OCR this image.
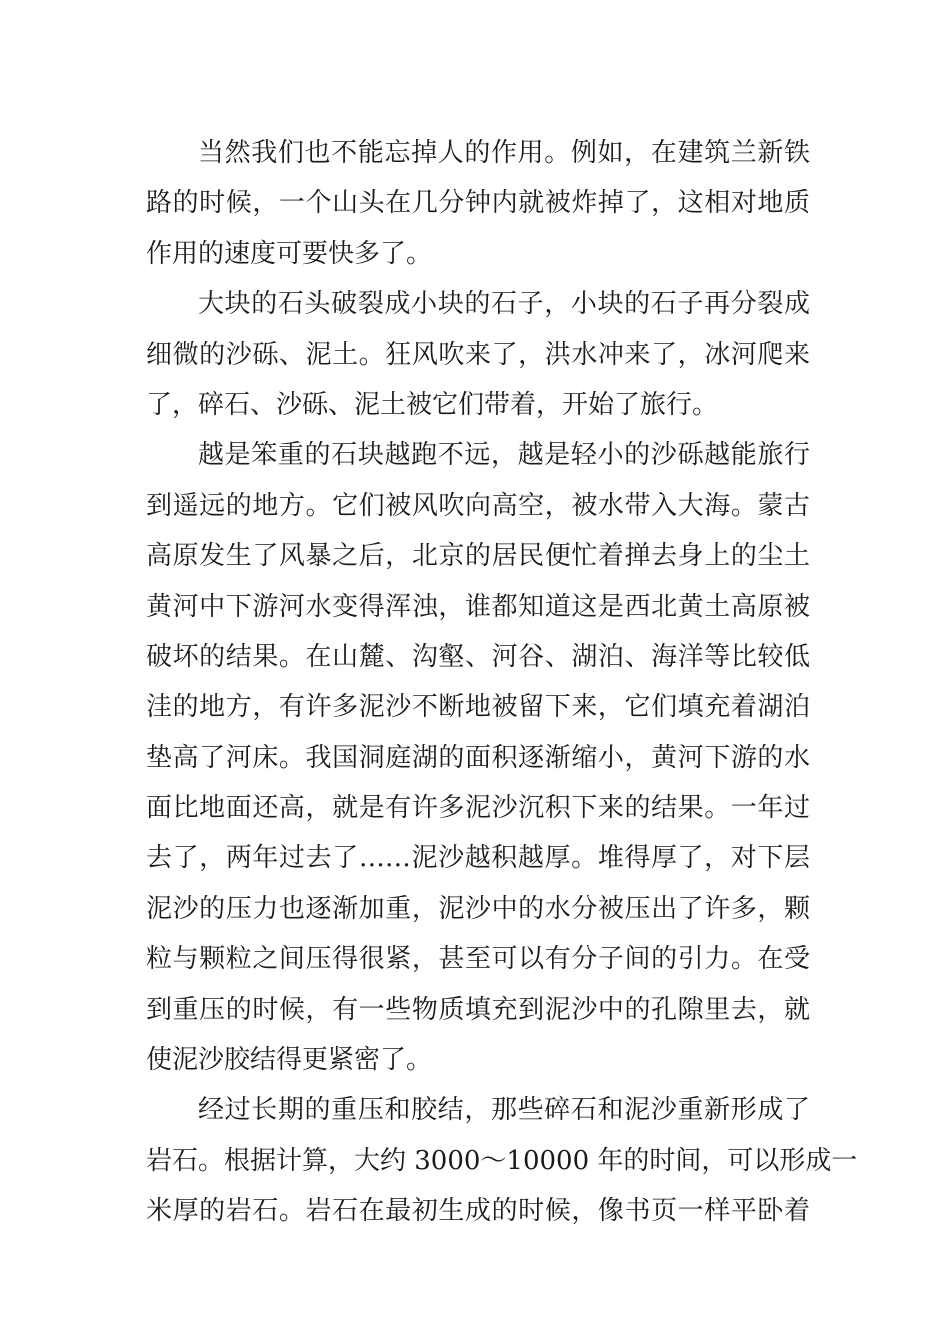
当然我们也不能忘掉人的作用。例如，在建筑兰新铁
路的时候，一个山头在几分钟内就被炸掉了，这相对地质
作用的速度可要快多了。
大块的石头破裂成小块的石子，小块的石子再分裂成
细微的沙砾、泥土。狂风吹来了，洪水冲来了，冰河爬来
了，碎石、沙砾、泥土被它们带着，开始了旅行。
越是笨重的石块越跑不远，越是轻小的沙砾越能旅行
到遥远的地方。它们被风吹向高空，被水带入大海。蒙古
高原发生了风暴之后，北京的居民便忙着掸去身上的尘土
黄河中下游河水变得浑浊，谁都知道这是西北黄土高原被
破坏的结果。在山麓、沟壑、河谷、湖泊、海洋等比较低
洼的地方，有许多泥沙不断地被留下来，它们填充着湖泊
垫高了河床。我国洞庭湖的面积逐渐缩小，黄河下游的水
面比地面还高，就是有许多泥沙沉积下来的结果。一年过
去了，两年过去了……泥沙越积越厚。堆得厚了，对下层
泥沙的压力也逐渐加重，泥沙中的水分被压出了许多，颗
粒与颗粒之间压得很紧，甚至可以有分子间的引力。在受
到重压的时候，有一些物质填充到泥沙中的孔隙里去，就
使泥沙胶结得更紧密了。
经过长期的重压和胶结，那些碎石和泥沙重新形成了
岩石。根据计算，大约 3000～10000 年的时间，可以形成一
米厚的岩石。岩石在最初生成的时候，像书页一样平卧着
